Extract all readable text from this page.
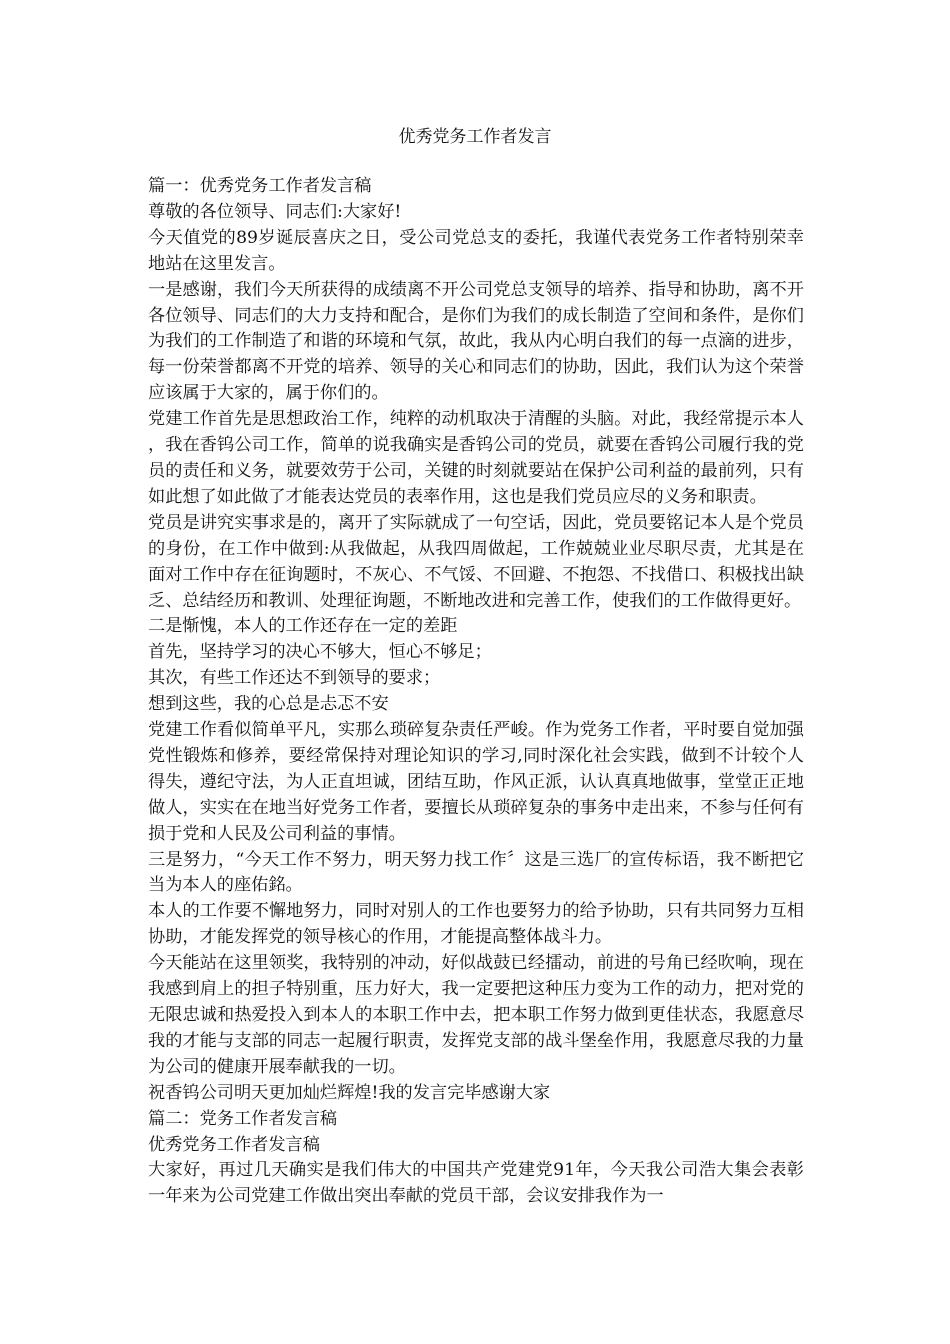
优秀党务工作者发言

篇一：优秀党务工作者发言稿

尊敬的各位领导、同志们:大家好!

今天值党的89岁诞辰喜庆之日，受公司党总支的委托，我谨代表党务工作者特别荣幸地站在这里发言。

一是感谢，我们今天所获得的成绩离不开公司党总支领导的培养、指导和协助，离不开各位领导、同志们的大力支持和配合，是你们为我们的成长制造了空间和条件，是你们为我们的工作制造了和谐的环境和气氛，故此，我从内心明白我们的每一点滴的进步，每一份荣誉都离不开党的培养、领导的关心和同志们的协助，因此，我们认为这个荣誉应该属于大家的，属于你们的。

党建工作首先是思想政治工作，纯粹的动机取决于清醒的头脑。对此，我经常提示本人，我在香钨公司工作，简单的说我确实是香钨公司的党员，就要在香钨公司履行我的党员的责任和义务，就要效劳于公司，关键的时刻就要站在保护公司利益的最前列，只有如此想了如此做了才能表达党员的表率作用，这也是我们党员应尽的义务和职责。

党员是讲究实事求是的，离开了实际就成了一句空话，因此，党员要铭记本人是个党员的身份，在工作中做到:从我做起，从我四周做起，工作兢兢业业尽职尽责，尤其是在面对工作中存在征询题时，不灰心、不气馁、不回避、不抱怨、不找借口、积极找出缺乏、总结经历和教训、处理征询题，不断地改进和完善工作，使我们的工作做得更好。

二是惭愧，本人的工作还存在一定的差距

首先，坚持学习的决心不够大，恒心不够足；

其次，有些工作还达不到领导的要求；

想到这些，我的心总是忐忑不安

党建工作看似简单平凡，实那么琐碎复杂责任严峻。作为党务工作者，平时要自觉加强党性锻炼和修养，要经常保持对理论知识的学习,同时深化社会实践，做到不计较个人得失，遵纪守法，为人正直坦诚，团结互助，作风正派，认认真真地做事，堂堂正正地做人，实实在在地当好党务工作者，要擅长从琐碎复杂的事务中走出来，不参与任何有损于党和人民及公司利益的事情。

三是努力，“今天工作不努力，明天努力找工作〞这是三选厂的宣传标语，我不断把它当为本人的座佑銘。

本人的工作要不懈地努力，同时对别人的工作也要努力的给予协助，只有共同努力互相协助，才能发挥党的领导核心的作用，才能提高整体战斗力。

今天能站在这里领奖，我特别的冲动，好似战鼓已经擂动，前进的号角已经吹响，现在我感到肩上的担子特别重，压力好大，我一定要把这种压力变为工作的动力，把对党的无限忠诚和热爱投入到本人的本职工作中去，把本职工作努力做到更佳状态，我愿意尽我的才能与支部的同志一起履行职责，发挥党支部的战斗堡垒作用，我愿意尽我的力量为公司的健康开展奉献我的一切。

祝香钨公司明天更加灿烂辉煌!我的发言完毕感谢大家

篇二：党务工作者发言稿

优秀党务工作者发言稿

大家好，再过几天确实是我们伟大的中国共产党建党91年，今天我公司浩大集会表彰一年来为公司党建工作做出突出奉献的党员干部，会议安排我作为一
